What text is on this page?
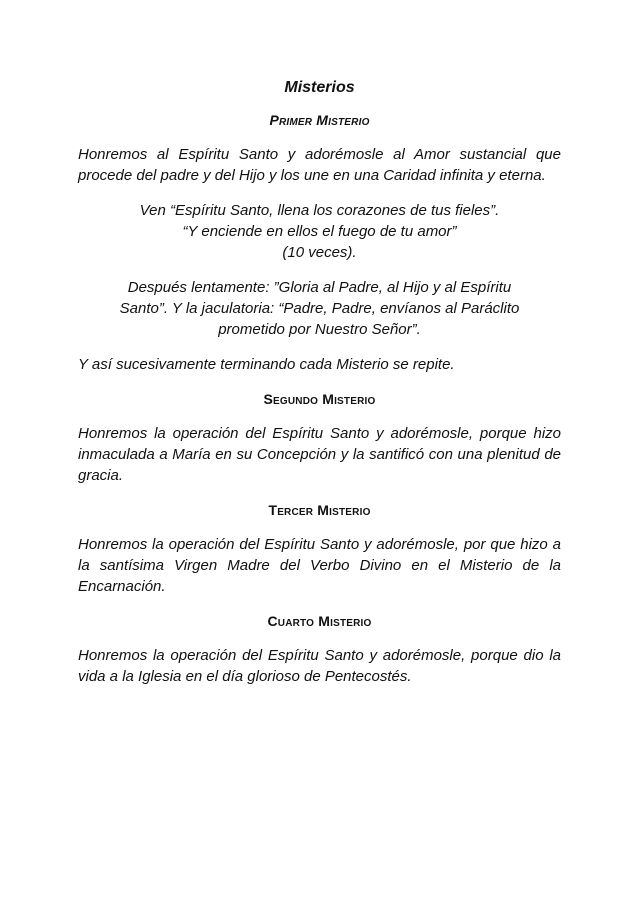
Misterios
Primer Misterio

Honremos al Espíritu Santo y adorémosle al Amor sustancial que procede del padre y del Hijo y los une en una Caridad infinita y eterna.

Ven “Espíritu Santo, llena los corazones de tus fieles”.
“Y enciende en ellos el fuego de tu amor”
(10 veces).
Después lentamente: ”Gloria al Padre, al Hijo y al Espíritu
Santo”. Y la jaculatoria: “Padre, Padre, envíanos al Paráclito
prometido por Nuestro Señor”.

Y así sucesivamente terminando cada Misterio se repite.

Segundo Misterio

Honremos la operación del Espíritu Santo y adorémosle, porque hizo inmaculada a María en su Concepción y la santificó con una plenitud de gracia.

Tercer Misterio

Honremos la operación del Espíritu Santo y adorémosle, por que hizo a la santísima Virgen Madre del Verbo Divino en el Misterio de la Encarnación.

Cuarto Misterio

Honremos la operación del Espíritu Santo y adorémosle, porque dio la vida a la Iglesia en el día glorioso de Pentecostés.
